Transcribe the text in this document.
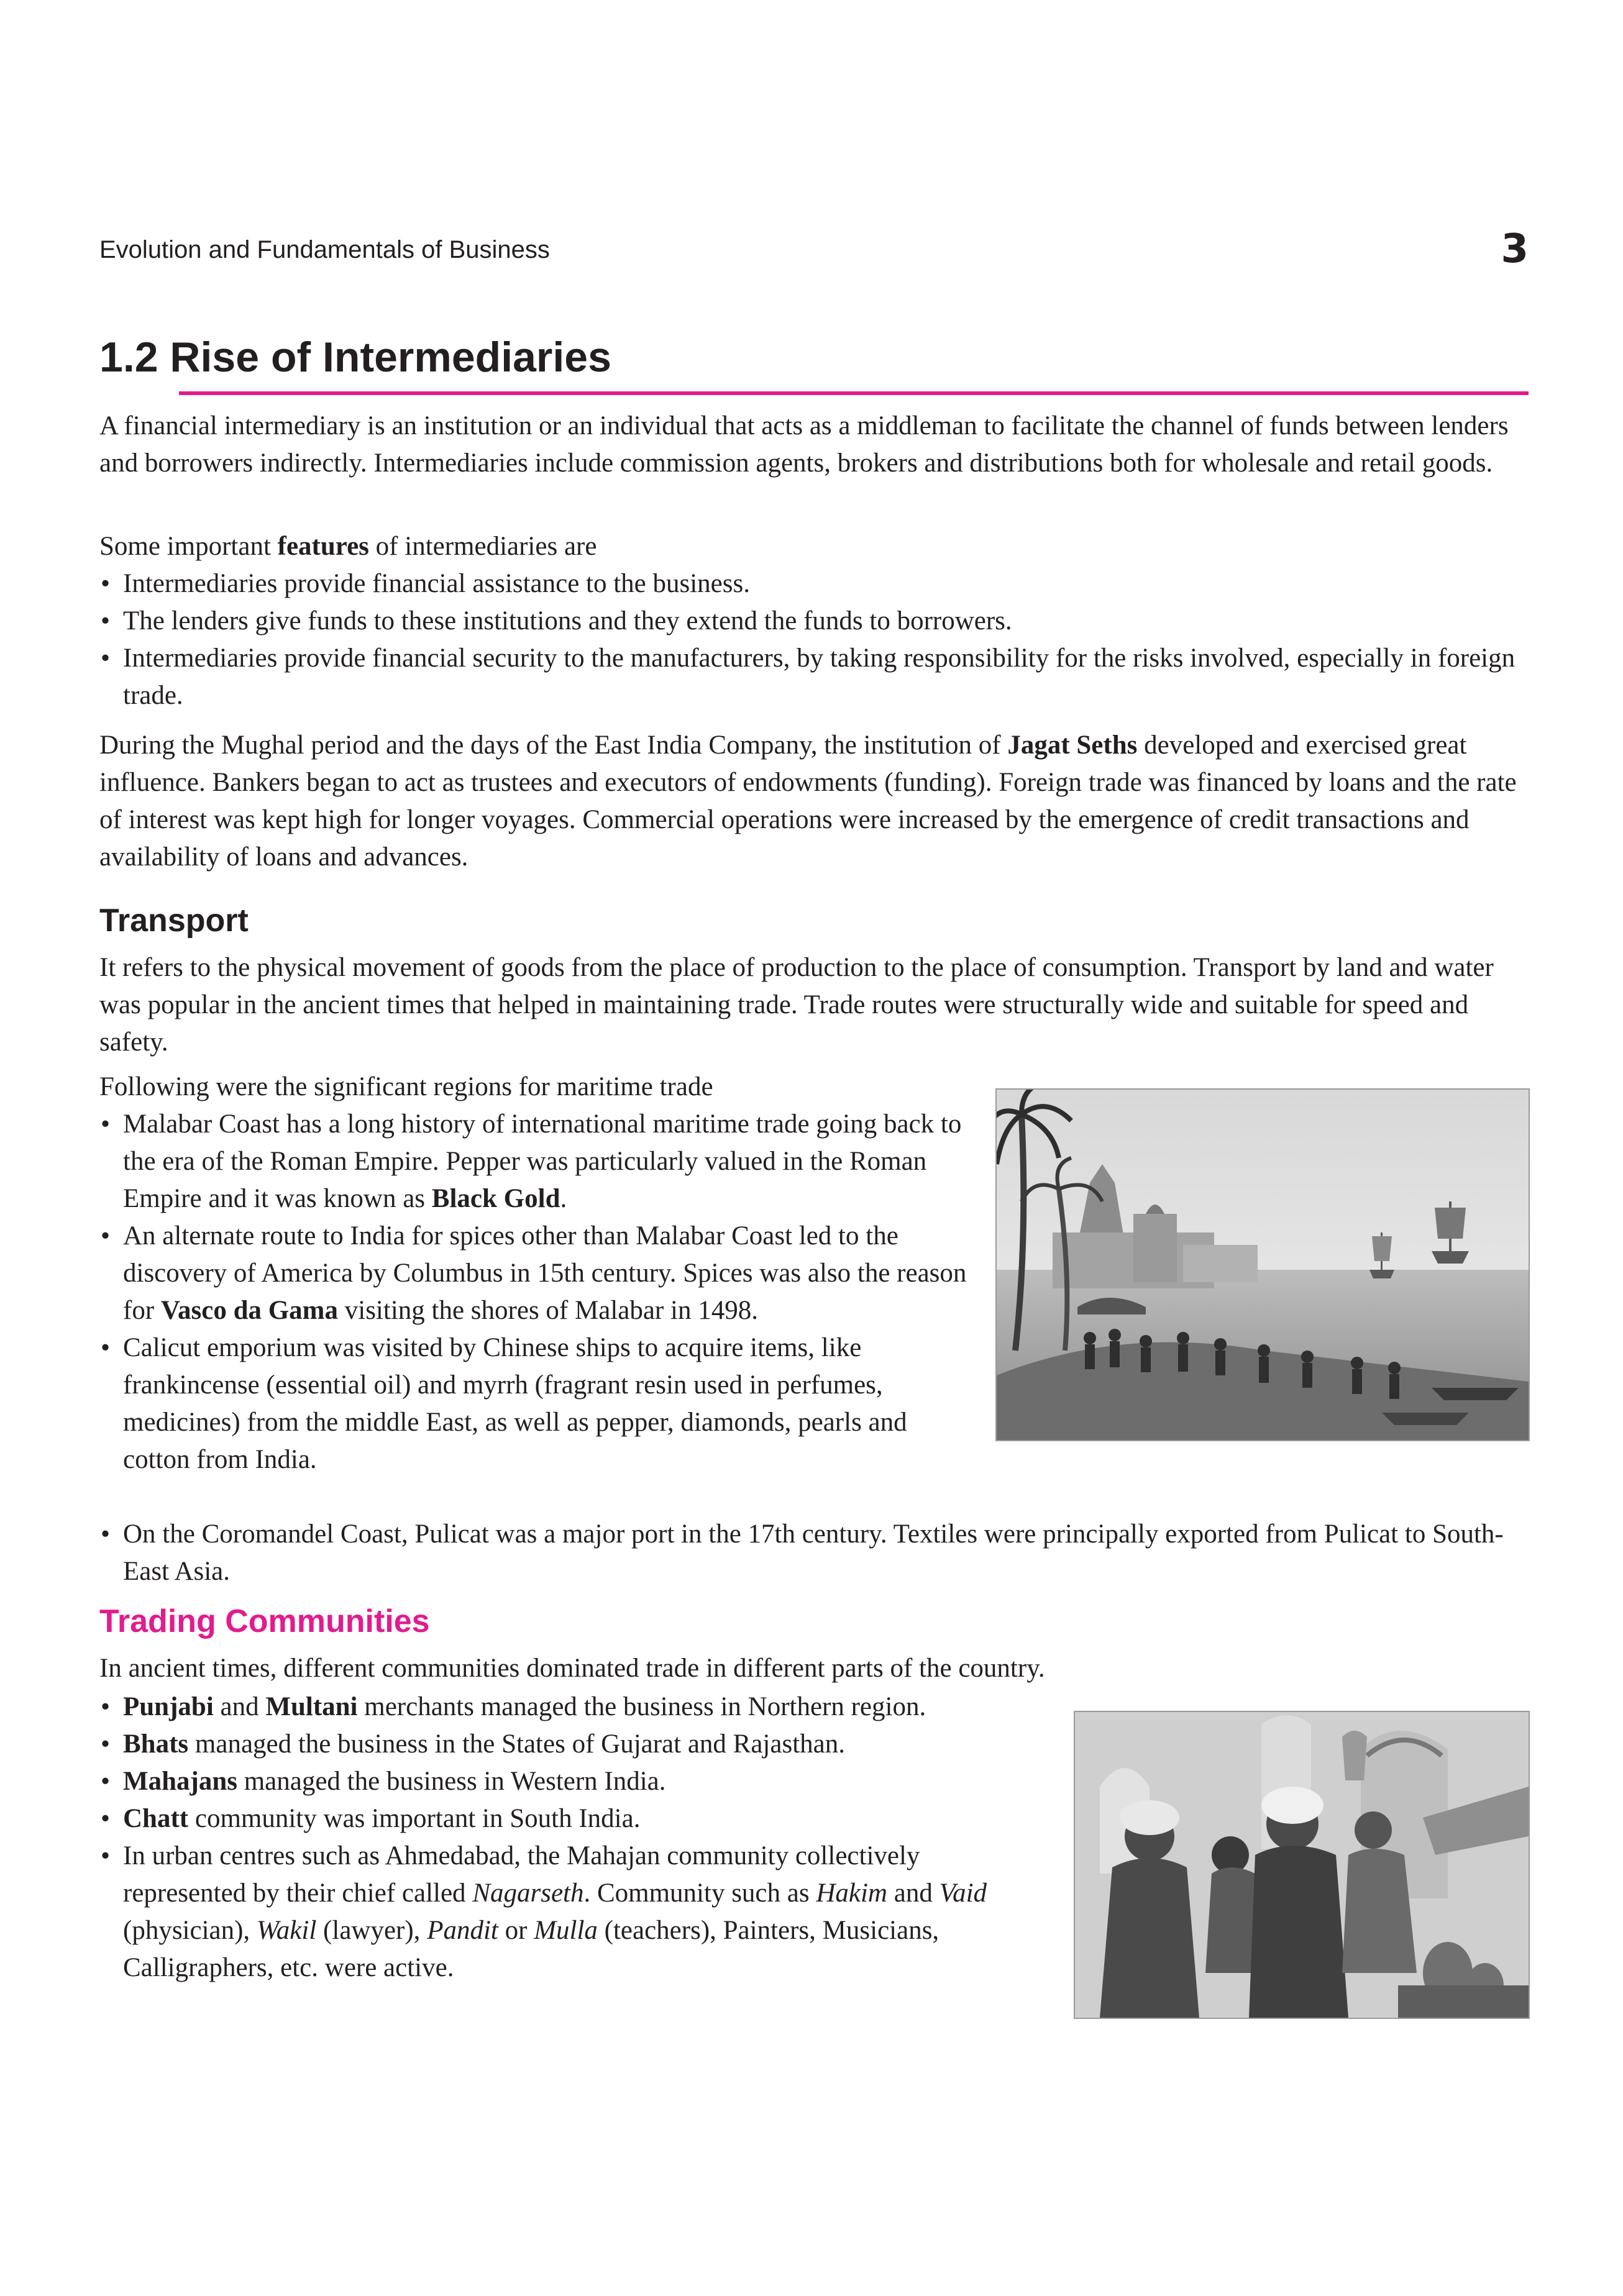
Evolution and Fundamentals of Business	3
1.2 Rise of Intermediaries

A financial intermediary is an institution or an individual that acts as a middleman to facilitate the channel of funds between lenders and borrowers indirectly. Intermediaries include commission agents, brokers and distributions both for wholesale and retail goods.

Some important features of intermediaries are
• Intermediaries provide financial assistance to the business.
• The lenders give funds to these institutions and they extend the funds to borrowers.
• Intermediaries provide financial security to the manufacturers, by taking responsibility for the risks involved, especially in foreign trade.

During the Mughal period and the days of the East India Company, the institution of Jagat Seths developed and exercised great influence. Bankers began to act as trustees and executors of endowments (funding). Foreign trade was financed by loans and the rate of interest was kept high for longer voyages. Commercial operations were increased by the emergence of credit transactions and availability of loans and advances.

Transport

It refers to the physical movement of goods from the place of production to the place of consumption. Transport by land and water was popular in the ancient times that helped in maintaining trade. Trade routes were structurally wide and suitable for speed and safety.

Following were the significant regions for maritime trade
• Malabar Coast has a long history of international maritime trade going back to the era of the Roman Empire. Pepper was particularly valued in the Roman Empire and it was known as Black Gold.
• An alternate route to India for spices other than Malabar Coast led to the discovery of America by Columbus in 15th century. Spices was also the reason for Vasco da Gama visiting the shores of Malabar in 1498.
• Calicut emporium was visited by Chinese ships to acquire items, like frankincense (essential oil) and myrrh (fragrant resin used in perfumes, medicines) from the middle East, as well as pepper, diamonds, pearls and cotton from India.
• On the Coromandel Coast, Pulicat was a major port in the 17th century. Textiles were principally exported from Pulicat to South-East Asia.
Trading Communities

In ancient times, different communities dominated trade in different parts of the country.

• Punjabi and Multani merchants managed the business in Northern region.
• Bhats managed the business in the States of Gujarat and Rajasthan.
• Mahajans managed the business in Western India.
• Chatt community was important in South India.
• In urban centres such as Ahmedabad, the Mahajan community collectively represented by their chief called Nagarseth. Community such as Hakim and Vaid (physician), Wakil (lawyer), Pandit or Mulla (teachers), Painters, Musicians, Calligraphers, etc. were active.
